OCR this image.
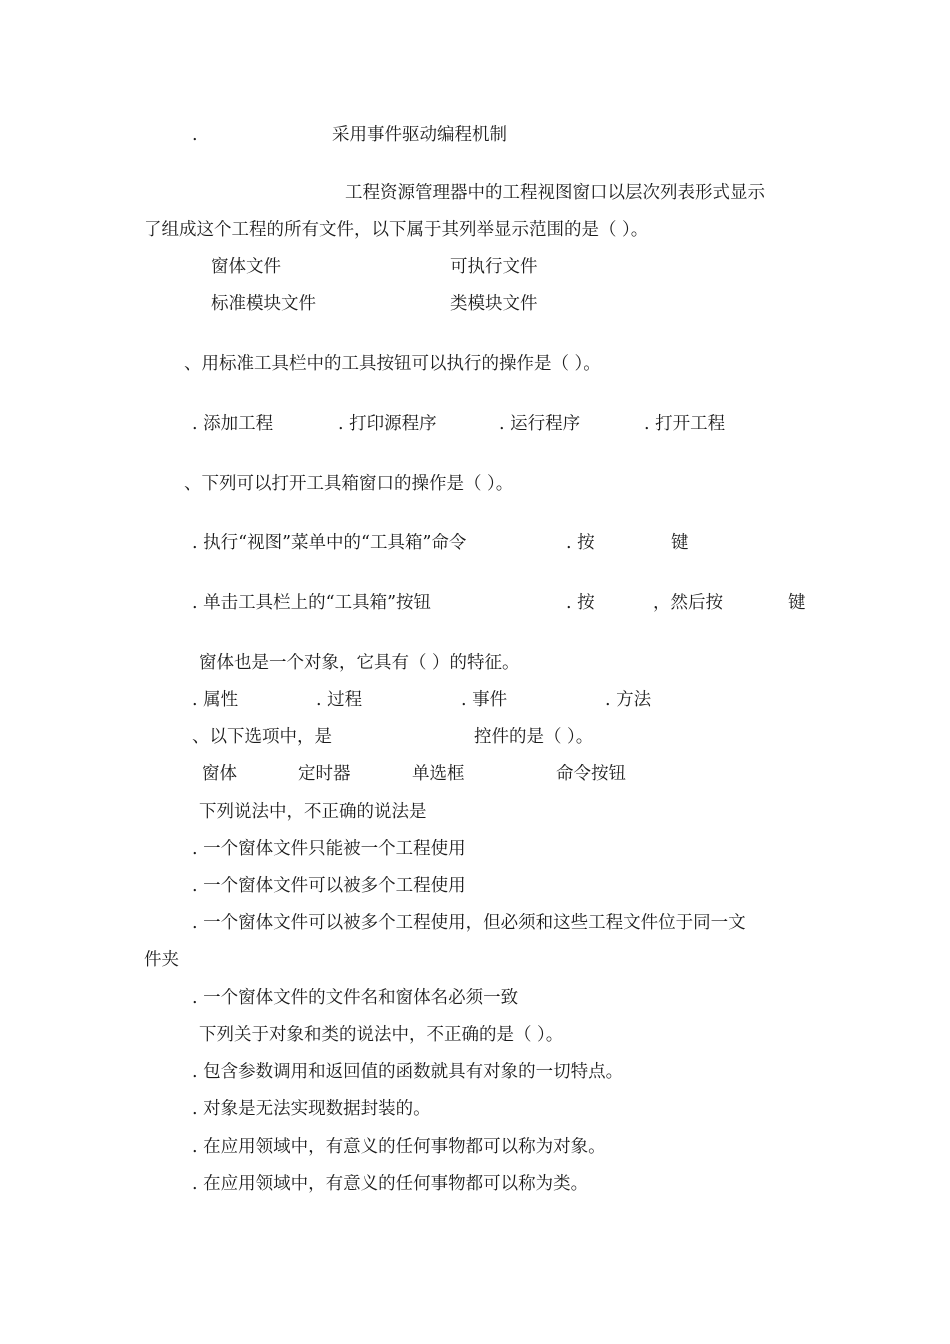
.	采用事件驱动编程机制
工程资源管理器中的工程视图窗口以层次列表形式显示
了组成这个工程的所有文件，以下属于其列举显示范围的是（ ）。
窗体文件	可执行文件
标准模块文件	类模块文件
、用标准工具栏中的工具按钮可以执行的操作是（ ）。
. 添加工程	. 打印源程序	. 运行程序	. 打开工程
、下列可以打开工具箱窗口的操作是（ ）。
. 执行“视图”菜单中的“工具箱”命令	. 按	键
. 单击工具栏上的“工具箱”按钮	. 按	，然后按	键
窗体也是一个对象，它具有（ ）的特征。
. 属性	. 过程	. 事件	. 方法
、以下选项中，是	控件的是（ ）。
窗体	定时器	单选框	命令按钮
下列说法中，不正确的说法是
. 一个窗体文件只能被一个工程使用
. 一个窗体文件可以被多个工程使用
. 一个窗体文件可以被多个工程使用，但必须和这些工程文件位于同一文
件夹
. 一个窗体文件的文件名和窗体名必须一致
下列关于对象和类的说法中，不正确的是（ ）。
. 包含参数调用和返回值的函数就具有对象的一切特点。
. 对象是无法实现数据封装的。
. 在应用领域中，有意义的任何事物都可以称为对象。
. 在应用领域中，有意义的任何事物都可以称为类。
